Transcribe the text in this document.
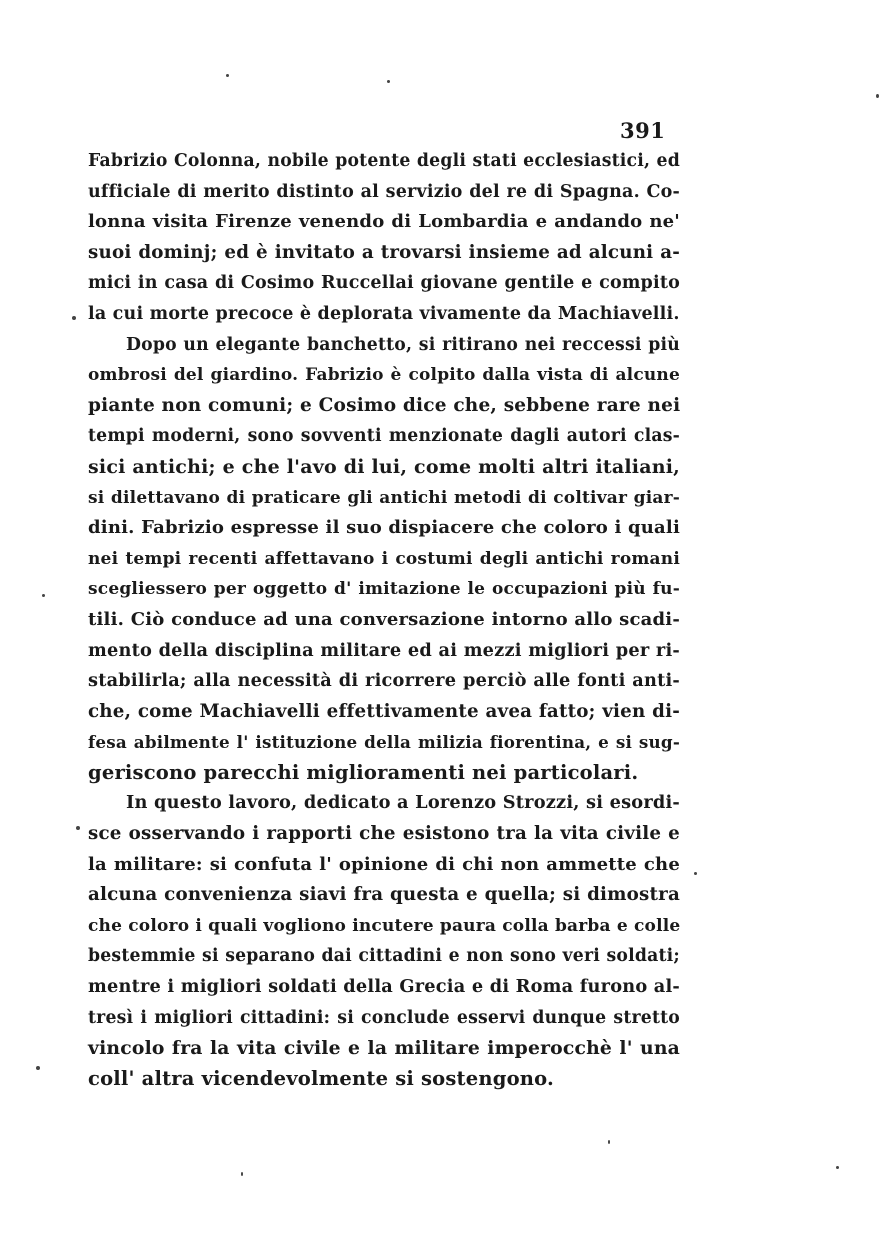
391
Fabrizio Colonna, nobile potente degli stati ecclesiastici, ed
ufficiale di merito distinto al servizio del re di Spagna. Co-
lonna visita Firenze venendo di Lombardia e andando ne'
suoi dominj; ed è invitato a trovarsi insieme ad alcuni a-
mici in casa di Cosimo Ruccellai giovane gentile e compito
la cui morte precoce è deplorata vivamente da Machiavelli.
Dopo un elegante banchetto, si ritirano nei reccessi più
ombrosi del giardino. Fabrizio è colpito dalla vista di alcune
piante non comuni; e Cosimo dice che, sebbene rare nei
tempi moderni, sono sovventi menzionate dagli autori clas-
sici antichi; e che l'avo di lui, come molti altri italiani,
si dilettavano di praticare gli antichi metodi di coltivar giar-
dini. Fabrizio espresse il suo dispiacere che coloro i quali
nei tempi recenti affettavano i costumi degli antichi romani
scegliessero per oggetto d' imitazione le occupazioni più fu-
tili. Ciò conduce ad una conversazione intorno allo scadi-
mento della disciplina militare ed ai mezzi migliori per ri-
stabilirla; alla necessità di ricorrere perciò alle fonti anti-
che, come Machiavelli effettivamente avea fatto; vien di-
fesa abilmente l' istituzione della milizia fiorentina, e si sug-
geriscono parecchi miglioramenti nei particolari.
In questo lavoro, dedicato a Lorenzo Strozzi, si esordi-
sce osservando i rapporti che esistono tra la vita civile e
la militare: si confuta l' opinione di chi non ammette che
alcuna convenienza siavi fra questa e quella; si dimostra
che coloro i quali vogliono incutere paura colla barba e colle
bestemmie si separano dai cittadini e non sono veri soldati;
mentre i migliori soldati della Grecia e di Roma furono al-
tresì i migliori cittadini: si conclude esservi dunque stretto
vincolo fra la vita civile e la militare imperocchè l' una
coll' altra vicendevolmente si sostengono.
